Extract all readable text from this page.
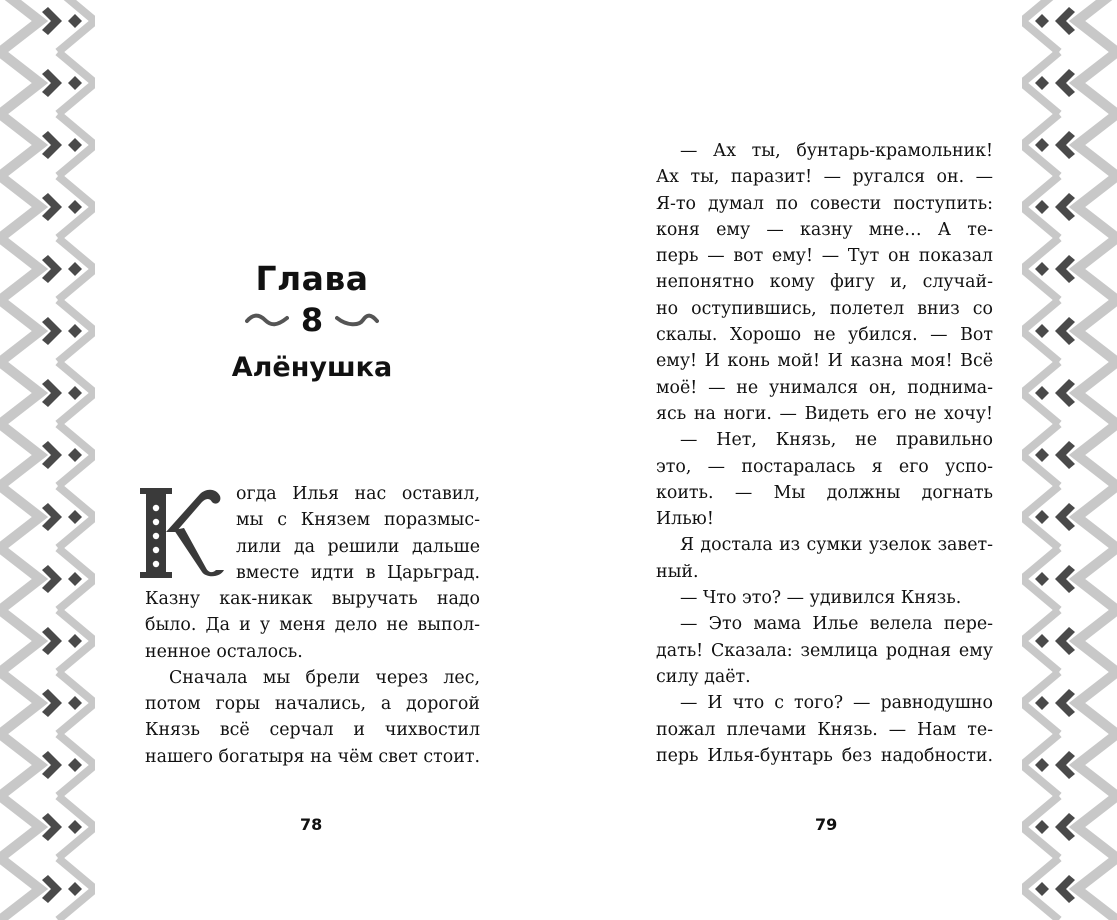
Глава
8
Алёнушка
огда Илья нас оставил,
мы с Князем поразмыс-
лили да решили дальше
вместе идти в Царьград.
Казну как-никак выручать надо
было. Да и у меня дело не выпол-
ненное осталось.
Сначала мы брели через лес,
потом горы начались, а дорогой
Князь всё серчал и чихвостил
нашего богатыря на чём свет стоит.
78
— Ах ты, бунтарь-крамольник!
Ах ты, паразит! — ругался он. —
Я-то думал по совести поступить:
коня ему — казну мне… А те-
перь — вот ему! — Тут он показал
непонятно кому фигу и, случай-
но оступившись, полетел вниз со
скалы. Хорошо не убился. — Вот
ему! И конь мой! И казна моя! Всё
моё! — не унимался он, поднима-
ясь на ноги. — Видеть его не хочу!
— Нет, Князь, не правильно
это, — постаралась я его успо-
коить. — Мы должны догнать
Илью!
Я достала из сумки узелок завет-
ный.
— Что это? — удивился Князь.
— Это мама Илье велела пере-
дать! Сказала: землица родная ему
силу даёт.
— И что с того? — равнодушно
пожал плечами Князь. — Нам те-
перь Илья-бунтарь без надобности.
79
